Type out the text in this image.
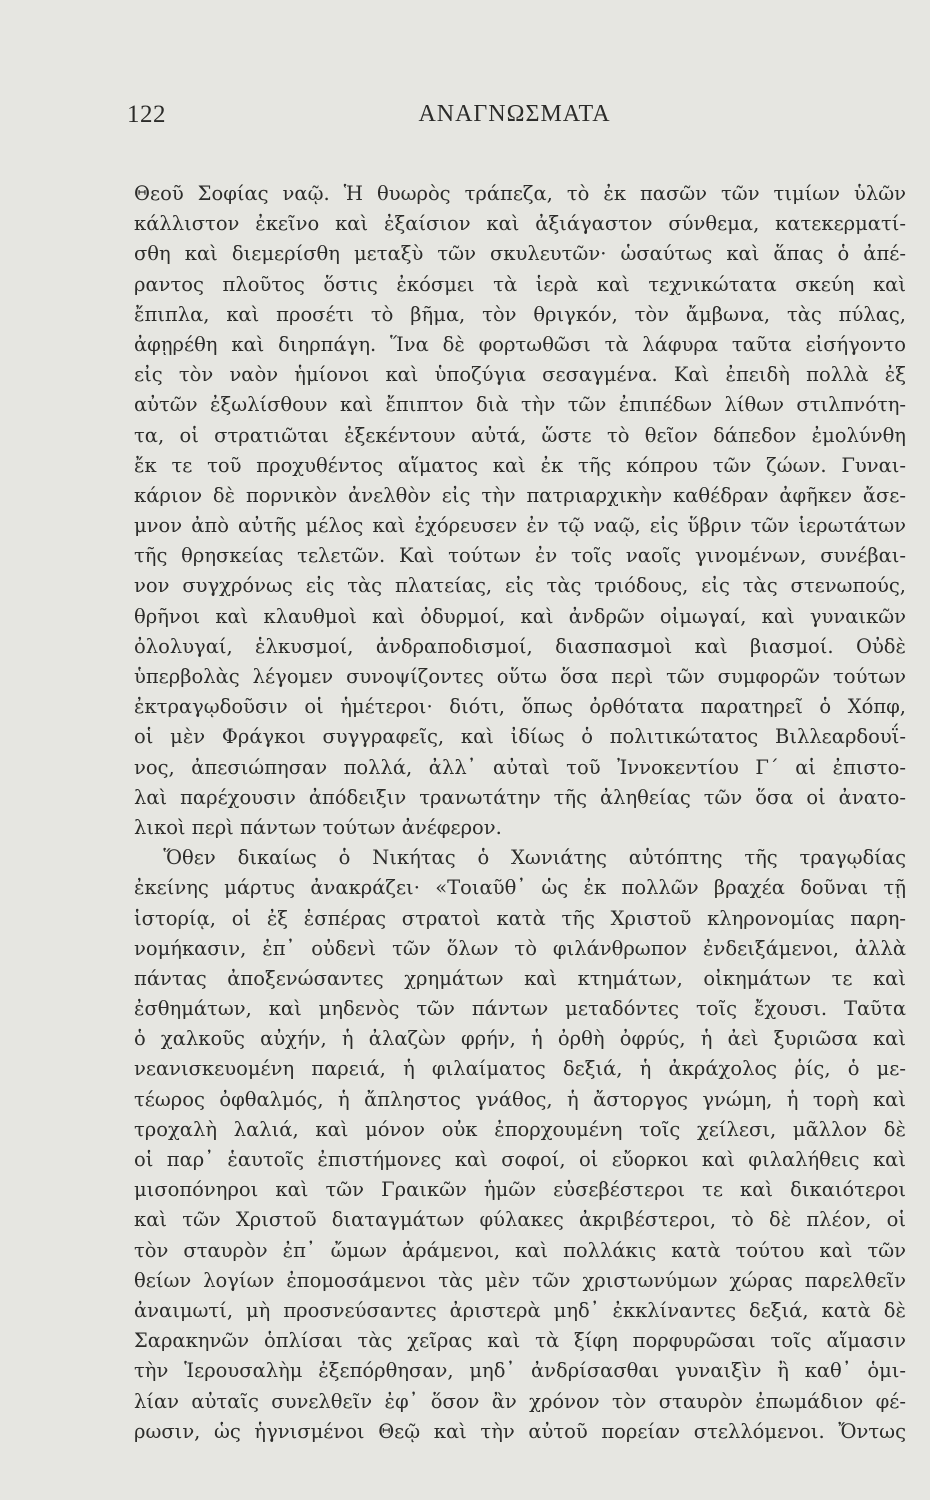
122	ΑΝΑΓΝΩΣΜΑΤΑ
Θεοῦ Σοφίας ναῷ. Ἡ θυωρὸς τράπεζα, τὸ ἐκ πασῶν τῶν τιμίων ὑλῶν
κάλλιστον ἐκεῖνο καὶ ἐξαίσιον καὶ ἀξιάγαστον σύνθεμα, κατεκερματί-
σθη καὶ διεμερίσθη μεταξὺ τῶν σκυλευτῶν· ὡσαύτως καὶ ἅπας ὁ ἀπέ-
ραντος πλοῦτος ὅστις ἐκόσμει τὰ ἱερὰ καὶ τεχνικώτατα σκεύη καὶ
ἔπιπλα, καὶ προσέτι τὸ βῆμα, τὸν θριγκόν, τὸν ἄμβωνα, τὰς πύλας,
ἀφῃρέθη καὶ διηρπάγη. Ἵνα δὲ φορτωθῶσι τὰ λάφυρα ταῦτα εἰσήγοντο
εἰς τὸν ναὸν ἡμίονοι καὶ ὑποζύγια σεσαγμένα. Καὶ ἐπειδὴ πολλὰ ἐξ
αὐτῶν ἐξωλίσθουν καὶ ἔπιπτον διὰ τὴν τῶν ἐπιπέδων λίθων στιλπνότη-
τα, οἱ στρατιῶται ἐξεκέντουν αὐτά, ὥστε τὸ θεῖον δάπεδον ἐμολύνθη
ἔκ τε τοῦ προχυθέντος αἵματος καὶ ἐκ τῆς κόπρου τῶν ζώων. Γυναι-
κάριον δὲ πορνικὸν ἀνελθὸν εἰς τὴν πατριαρχικὴν καθέδραν ἀφῆκεν ἄσε-
μνον ἀπὸ αὐτῆς μέλος καὶ ἐχόρευσεν ἐν τῷ ναῷ, εἰς ὕβριν τῶν ἱερωτάτων
τῆς θρησκείας τελετῶν. Καὶ τούτων ἐν τοῖς ναοῖς γινομένων, συνέβαι-
νον συγχρόνως εἰς τὰς πλατείας, εἰς τὰς τριόδους, εἰς τὰς στενωπούς,
θρῆνοι καὶ κλαυθμοὶ καὶ ὀδυρμοί, καὶ ἀνδρῶν οἰμωγαί, καὶ γυναικῶν
ὀλολυγαί, ἑλκυσμοί, ἀνδραποδισμοί, διασπασμοὶ καὶ βιασμοί. Οὐδὲ
ὑπερβολὰς λέγομεν συνοψίζοντες οὕτω ὅσα περὶ τῶν συμφορῶν τούτων
ἐκτραγῳδοῦσιν οἱ ἡμέτεροι· διότι, ὅπως ὀρθότατα παρατηρεῖ ὁ Χόπφ,
οἱ μὲν Φράγκοι συγγραφεῖς, καὶ ἰδίως ὁ πολιτικώτατος Βιλλεαρδουΐ-
νος, ἀπεσιώπησαν πολλά, ἀλλ᾽ αὐταὶ τοῦ Ἰννοκεντίου Γ´ αἱ ἐπιστο-
λαὶ παρέχουσιν ἀπόδειξιν τρανωτάτην τῆς ἀληθείας τῶν ὅσα οἱ ἀνατο-
λικοὶ περὶ πάντων τούτων ἀνέφερον.
Ὅθεν δικαίως ὁ Νικήτας ὁ Χωνιάτης αὐτόπτης τῆς τραγῳδίας
ἐκείνης μάρτυς ἀνακράζει· «Τοιαῦθ᾽ ὡς ἐκ πολλῶν βραχέα δοῦναι τῇ
ἱστορίᾳ, οἱ ἐξ ἑσπέρας στρατοὶ κατὰ τῆς Χριστοῦ κληρονομίας παρη-
νομήκασιν, ἐπ᾽ οὐδενὶ τῶν ὅλων τὸ φιλάνθρωπον ἐνδειξάμενοι, ἀλλὰ
πάντας ἀποξενώσαντες χρημάτων καὶ κτημάτων, οἰκημάτων τε καὶ
ἐσθημάτων, καὶ μηδενὸς τῶν πάντων μεταδόντες τοῖς ἔχουσι. Ταῦτα
ὁ χαλκοῦς αὐχήν, ἡ ἀλαζὼν φρήν, ἡ ὀρθὴ ὀφρύς, ἡ ἀεὶ ξυριῶσα καὶ
νεανισκευομένη παρειά, ἡ φιλαίματος δεξιά, ἡ ἀκράχολος ῥίς, ὁ με-
τέωρος ὀφθαλμός, ἡ ἄπληστος γνάθος, ἡ ἄστοργος γνώμη, ἡ τορὴ καὶ
τροχαλὴ λαλιά, καὶ μόνον οὐκ ἐπορχουμένη τοῖς χείλεσι, μᾶλλον δὲ
οἱ παρ᾽ ἑαυτοῖς ἐπιστήμονες καὶ σοφοί, οἱ εὔορκοι καὶ φιλαλήθεις καὶ
μισοπόνηροι καὶ τῶν Γραικῶν ἡμῶν εὐσεβέστεροι τε καὶ δικαιότεροι
καὶ τῶν Χριστοῦ διαταγμάτων φύλακες ἀκριβέστεροι, τὸ δὲ πλέον, οἱ
τὸν σταυρὸν ἐπ᾽ ὤμων ἀράμενοι, καὶ πολλάκις κατὰ τούτου καὶ τῶν
θείων λογίων ἐπομοσάμενοι τὰς μὲν τῶν χριστωνύμων χώρας παρελθεῖν
ἀναιμωτί, μὴ προσνεύσαντες ἀριστερὰ μηδ᾽ ἐκκλίναντες δεξιά, κατὰ δὲ
Σαρακηνῶν ὁπλίσαι τὰς χεῖρας καὶ τὰ ξίφη πορφυρῶσαι τοῖς αἵμασιν
τὴν Ἱερουσαλὴμ ἐξεπόρθησαν, μηδ᾽ ἀνδρίσασθαι γυναιξὶν ἢ καθ᾽ ὁμι-
λίαν αὐταῖς συνελθεῖν ἐφ᾽ ὅσον ἂν χρόνον τὸν σταυρὸν ἐπωμάδιον φέ-
ρωσιν, ὡς ἡγνισμένοι Θεῷ καὶ τὴν αὐτοῦ πορείαν στελλόμενοι. Ὄντως
